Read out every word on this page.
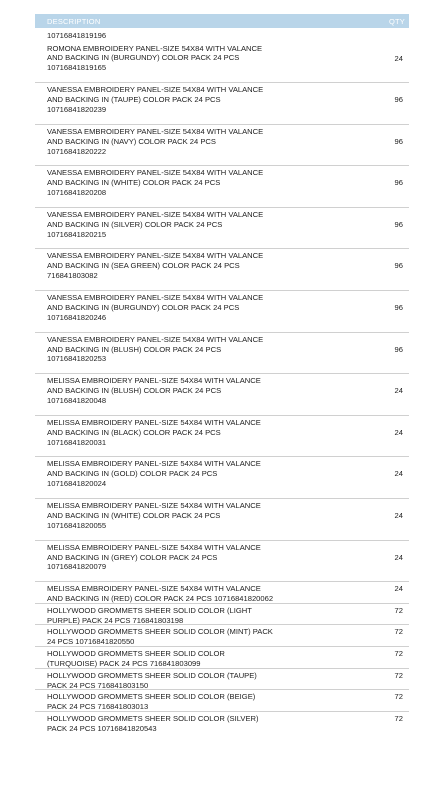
DESCRIPTION	QTY
10716841819196
ROMONA EMBROIDERY PANEL-SIZE 54X84 WITH VALANCE
AND BACKING IN (BURGUNDY) COLOR PACK 24 PCS
10716841819165
24
VANESSA EMBROIDERY PANEL-SIZE 54X84 WITH VALANCE
AND BACKING IN (TAUPE) COLOR PACK 24 PCS
10716841820239
96
VANESSA EMBROIDERY PANEL-SIZE 54X84 WITH VALANCE
AND BACKING IN (NAVY) COLOR PACK 24 PCS
10716841820222
96
VANESSA EMBROIDERY PANEL-SIZE 54X84 WITH VALANCE
AND BACKING IN (WHITE) COLOR PACK 24 PCS
10716841820208
96
VANESSA EMBROIDERY PANEL-SIZE 54X84 WITH VALANCE
AND BACKING IN (SILVER) COLOR PACK 24 PCS
10716841820215
96
VANESSA EMBROIDERY PANEL-SIZE 54X84 WITH VALANCE
AND BACKING IN (SEA GREEN) COLOR PACK 24 PCS
716841803082
96
VANESSA EMBROIDERY PANEL-SIZE 54X84 WITH VALANCE
AND BACKING IN (BURGUNDY) COLOR PACK 24 PCS
10716841820246
96
VANESSA EMBROIDERY PANEL-SIZE 54X84 WITH VALANCE
AND BACKING IN (BLUSH) COLOR PACK 24 PCS
10716841820253
96
MELISSA EMBROIDERY PANEL-SIZE 54X84 WITH VALANCE
AND BACKING IN (BLUSH) COLOR PACK 24 PCS
10716841820048
24
MELISSA EMBROIDERY PANEL-SIZE 54X84 WITH VALANCE
AND BACKING IN (BLACK) COLOR PACK 24 PCS
10716841820031
24
MELISSA EMBROIDERY PANEL-SIZE 54X84 WITH VALANCE
AND BACKING IN (GOLD) COLOR PACK 24 PCS
10716841820024
24
MELISSA EMBROIDERY PANEL-SIZE 54X84 WITH VALANCE
AND BACKING IN (WHITE) COLOR PACK 24 PCS
10716841820055
24
MELISSA EMBROIDERY PANEL-SIZE 54X84 WITH VALANCE
AND BACKING IN (GREY) COLOR PACK 24 PCS
10716841820079
24
MELISSA EMBROIDERY PANEL-SIZE 54X84 WITH VALANCE
AND BACKING IN (RED) COLOR PACK 24 PCS 10716841820062
24
HOLLYWOOD GROMMETS SHEER SOLID COLOR (LIGHT
PURPLE) PACK 24 PCS 716841803198
72
HOLLYWOOD GROMMETS SHEER SOLID COLOR (MINT) PACK
24 PCS 10716841820550
72
HOLLYWOOD GROMMETS SHEER SOLID COLOR
(TURQUOISE) PACK 24 PCS 716841803099
72
HOLLYWOOD GROMMETS SHEER SOLID COLOR (TAUPE)
PACK 24 PCS 716841803150
72
HOLLYWOOD GROMMETS SHEER SOLID COLOR (BEIGE)
PACK 24 PCS 716841803013
72
HOLLYWOOD GROMMETS SHEER SOLID COLOR (SILVER)
PACK 24 PCS 10716841820543
72
